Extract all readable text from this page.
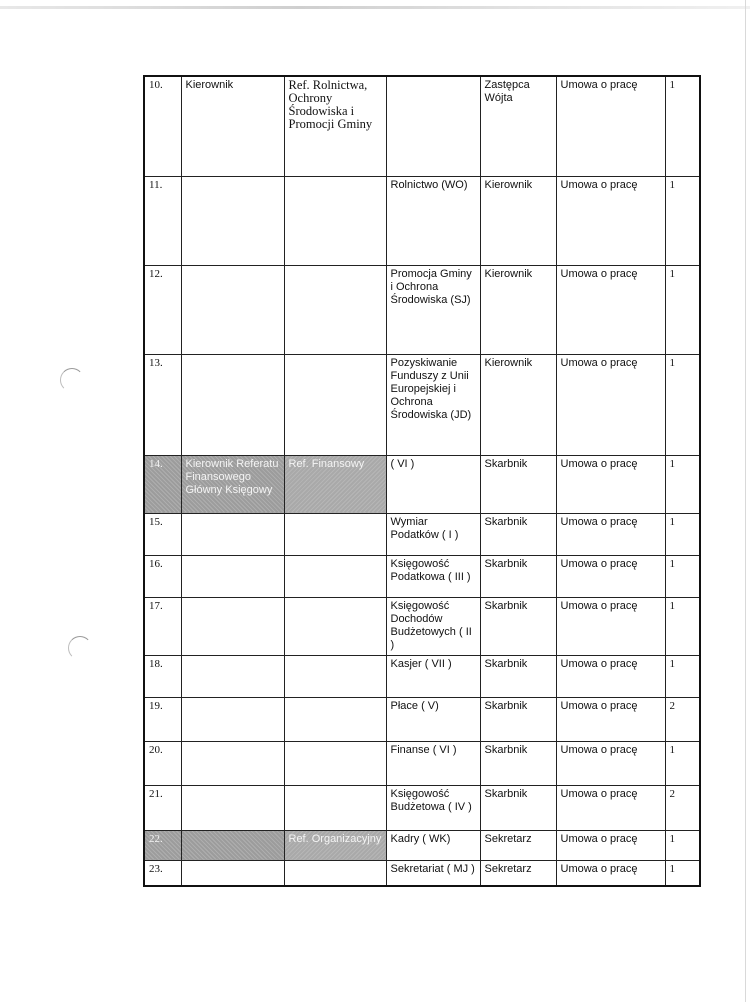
10.	Kierownik	Ref. Rolnictwa, Ochrony Środowiska i Promocji Gminy		Zastępca Wójta	Umowa o pracę	1
11.			Rolnictwo (WO)	Kierownik	Umowa o pracę	1
12.			Promocja Gminy i Ochrona Środowiska (SJ)	Kierownik	Umowa o pracę	1
13.			Pozyskiwanie Funduszy z Unii Europejskiej i Ochrona Środowiska (JD)	Kierownik	Umowa o pracę	1
14.	Kierownik Referatu Finansowego Główny Księgowy	Ref. Finansowy	( VI )	Skarbnik	Umowa o pracę	1
15.			Wymiar Podatków ( I )	Skarbnik	Umowa o pracę	1
16.			Księgowość Podatkowa ( III )	Skarbnik	Umowa o pracę	1
17.			Księgowość Dochodów Budżetowych ( II )	Skarbnik	Umowa o pracę	1
18.			Kasjer ( VII )	Skarbnik	Umowa o pracę	1
19.			Płace ( V)	Skarbnik	Umowa o pracę	2
20.			Finanse ( VI )	Skarbnik	Umowa o pracę	1
21.			Księgowość Budżetowa ( IV )	Skarbnik	Umowa o pracę	2
22.		Ref. Organizacyjny	Kadry ( WK)	Sekretarz	Umowa o pracę	1
23.			Sekretariat ( MJ )	Sekretarz	Umowa o pracę	1
